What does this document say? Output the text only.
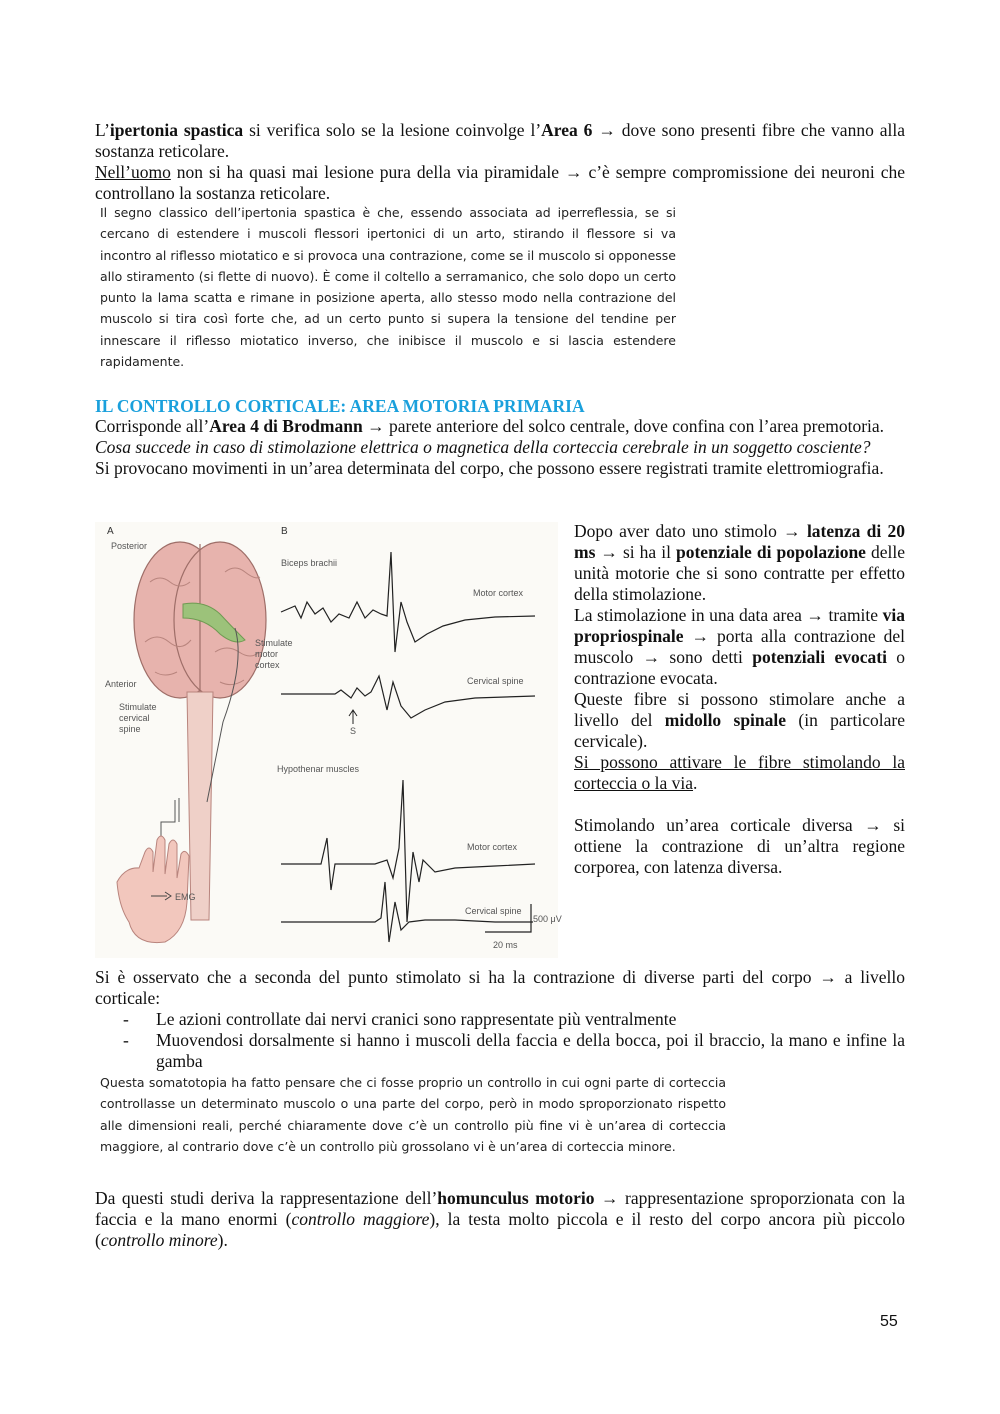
L’ipertonia spastica si verifica solo se la lesione coinvolge l’Area 6 → dove sono presenti fibre che vanno alla sostanza reticolare.

Nell’uomo non si ha quasi mai lesione pura della via piramidale → c’è sempre compromissione dei neuroni che controllano la sostanza reticolare.

Il segno classico dell’ipertonia spastica è che, essendo associata ad iperreflessia, se si cercano di estendere i muscoli flessori ipertonici di un arto, stirando il flessore si va incontro al riflesso miotatico e si provoca una contrazione, come se il muscolo si opponesse allo stiramento (si flette di nuovo). È come il coltello a serramanico, che solo dopo un certo punto la lama scatta e rimane in posizione aperta, allo stesso modo nella contrazione del muscolo si tira così forte che, ad un certo punto si supera la tensione del tendine per innescare il riflesso miotatico inverso, che inibisce il muscolo e si lascia estendere rapidamente.

IL CONTROLLO CORTICALE: AREA MOTORIA PRIMARIA

Corrisponde all’Area 4 di Brodmann → parete anteriore del solco centrale, dove confina con l’area premotoria.

Cosa succede in caso di stimolazione elettrica o magnetica della corteccia cerebrale in un soggetto cosciente?

Si provocano movimenti in un’area determinata del corpo, che possono essere registrati tramite elettromiografia.

A
Posterior
Stimulate
motor
cortex
Anterior
Stimulate
cervical
spine
EMG
B
Biceps brachii
Motor cortex
Cervical spine
S
Hypothenar muscles
Motor cortex
Cervical spine
500 μV
20 ms

Dopo aver dato uno stimolo → latenza di 20 ms → si ha il potenziale di popolazione delle unità motorie che si sono contratte per effetto della stimolazione.

La stimolazione in una data area → tramite via propriospinale → porta alla contrazione del muscolo → sono detti potenziali evocati o contrazione evocata.

Queste fibre si possono stimolare anche a livello del midollo spinale (in particolare cervicale).

Si possono attivare le fibre stimolando la corteccia o la via.

Stimolando un’area corticale diversa → si ottiene la contrazione di un’altra regione corporea, con latenza diversa.

Si è osservato che a seconda del punto stimolato si ha la contrazione di diverse parti del corpo → a livello corticale:

- Le azioni controllate dai nervi cranici sono rappresentate più ventralmente
- Muovendosi dorsalmente si hanno i muscoli della faccia e della bocca, poi il braccio, la mano e infine la gamba

Questa somatotopia ha fatto pensare che ci fosse proprio un controllo in cui ogni parte di corteccia controllasse un determinato muscolo o una parte del corpo, però in modo sproporzionato rispetto alle dimensioni reali, perché chiaramente dove c’è un controllo più fine vi è un’area di corteccia maggiore, al contrario dove c’è un controllo più grossolano vi è un’area di corteccia minore.

Da questi studi deriva la rappresentazione dell’homunculus motorio → rappresentazione sproporzionata con la faccia e la mano enormi (controllo maggiore), la testa molto piccola e il resto del corpo ancora più piccolo (controllo minore).

55
